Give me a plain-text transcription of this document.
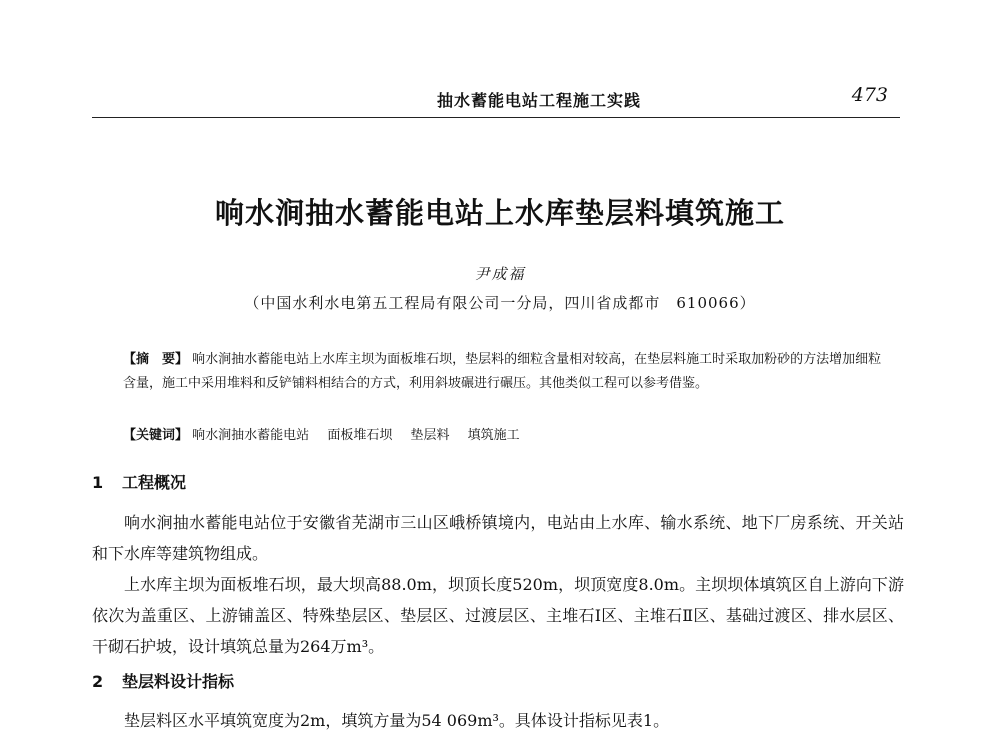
抽水蓄能电站工程施工实践	473
响水涧抽水蓄能电站上水库垫层料填筑施工
尹成福
（中国水利水电第五工程局有限公司一分局，四川省成都市　610066）
【摘　要】 响水涧抽水蓄能电站上水库主坝为面板堆石坝，垫层料的细粒含量相对较高，在垫层料施工时采取加粉砂的方法增加细粒含量，施工中采用堆料和反铲铺料相结合的方式，利用斜坡碾进行碾压。其他类似工程可以参考借鉴。
【关键词】 响水涧抽水蓄能电站 面板堆石坝 垫层料 填筑施工
1 工程概况

响水涧抽水蓄能电站位于安徽省芜湖市三山区峨桥镇境内，电站由上水库、输水系统、地下厂房系统、开关站和下水库等建筑物组成。

上水库主坝为面板堆石坝，最大坝高88.0m，坝顶长度520m，坝顶宽度8.0m。主坝坝体填筑区自上游向下游依次为盖重区、上游铺盖区、特殊垫层区、垫层区、过渡层区、主堆石Ⅰ区、主堆石Ⅱ区、基础过渡区、排水层区、干砌石护坡，设计填筑总量为264万m³。

2 垫层料设计指标

垫层料区水平填筑宽度为2m，填筑方量为54 069m³。具体设计指标见表1。
